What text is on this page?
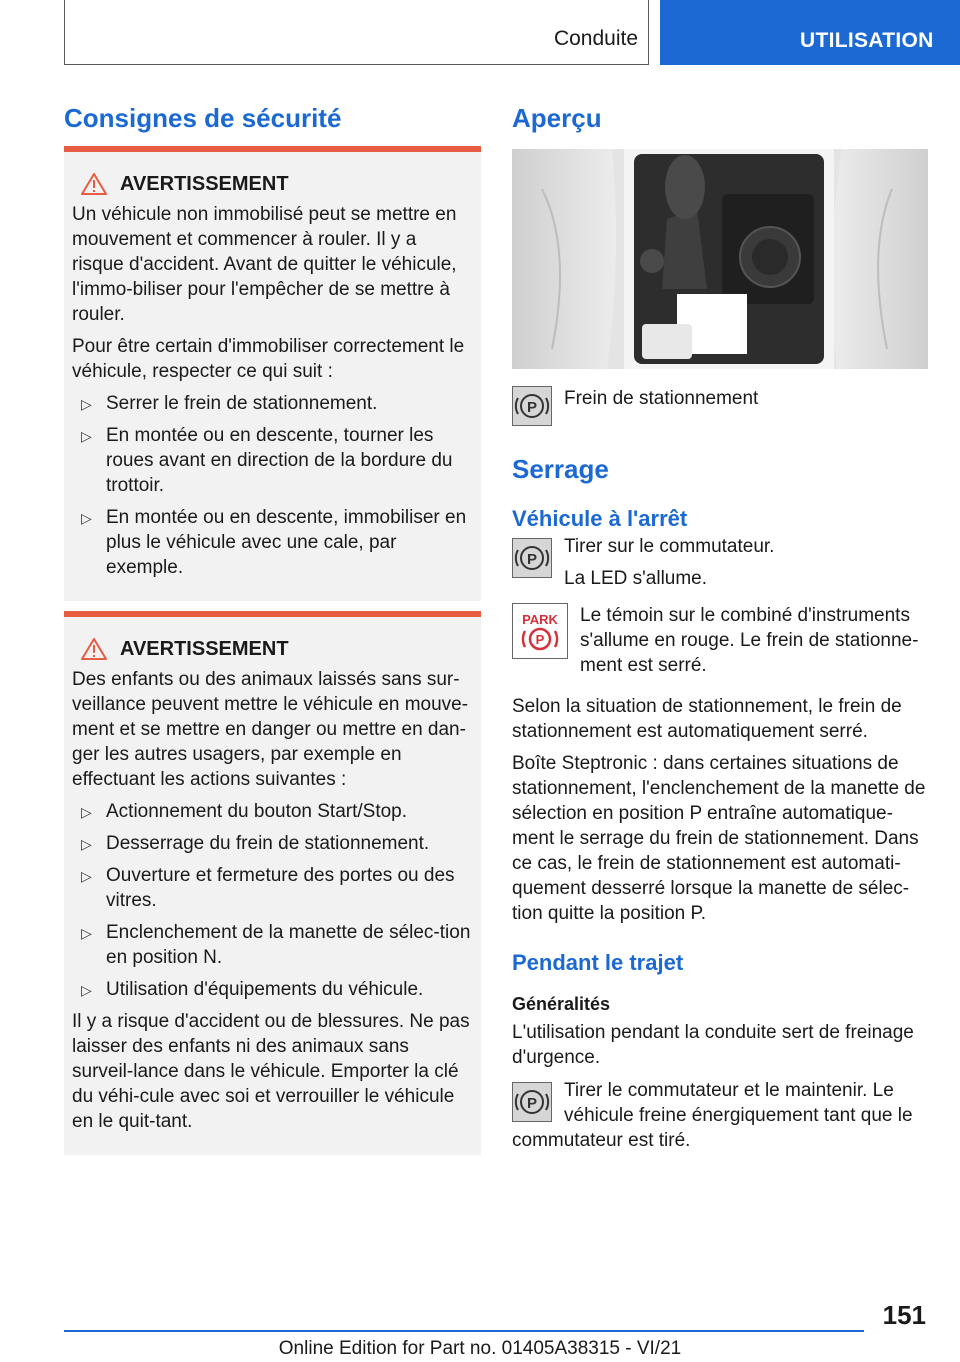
Conduite	UTILISATION
Consignes de sécurité
AVERTISSEMENT

Un véhicule non immobilisé peut se mettre en mouvement et commencer à rouler. Il y a risque d'accident. Avant de quitter le véhicule, l'immo-biliser pour l'empêcher de se mettre à rouler.

Pour être certain d'immobiliser correctement le véhicule, respecter ce qui suit :

▷ Serrer le frein de stationnement.
▷ En montée ou en descente, tourner les roues avant en direction de la bordure du trottoir.
▷ En montée ou en descente, immobiliser en plus le véhicule avec une cale, par exemple.
AVERTISSEMENT

Des enfants ou des animaux laissés sans sur-veillance peuvent mettre le véhicule en mouve-ment et se mettre en danger ou mettre en dan-ger les autres usagers, par exemple en effectuant les actions suivantes :

▷ Actionnement du bouton Start/Stop.
▷ Desserrage du frein de stationnement.
▷ Ouverture et fermeture des portes ou des vitres.
▷ Enclenchement de la manette de sélec-tion en position N.
▷ Utilisation d'équipements du véhicule.

Il y a risque d'accident ou de blessures. Ne pas laisser des enfants ni des animaux sans surveil-lance dans le véhicule. Emporter la clé du véhi-cule avec soi et verrouiller le véhicule en le quit-tant.

Aperçu
P Frein de stationnement
Serrage
Véhicule à l'arrêt
P

Tirer sur le commutateur.

La LED s'allume.

PARK
P

Le témoin sur le combiné d'instruments s'allume en rouge. Le frein de stationne-ment est serré.

Selon la situation de stationnement, le frein de stationnement est automatiquement serré.

Boîte Steptronic : dans certaines situations de stationnement, l'enclenchement de la manette de sélection en position P entraîne automatique-ment le serrage du frein de stationnement. Dans ce cas, le frein de stationnement est automati-quement desserré lorsque la manette de sélec-tion quitte la position P.

Pendant le trajet
Généralités

L'utilisation pendant la conduite sert de freinage d'urgence.

P

Tirer le commutateur et le maintenir. Le véhicule freine énergiquement tant que le

commutateur est tiré.

151
Online Edition for Part no. 01405A38315 - VI/21
